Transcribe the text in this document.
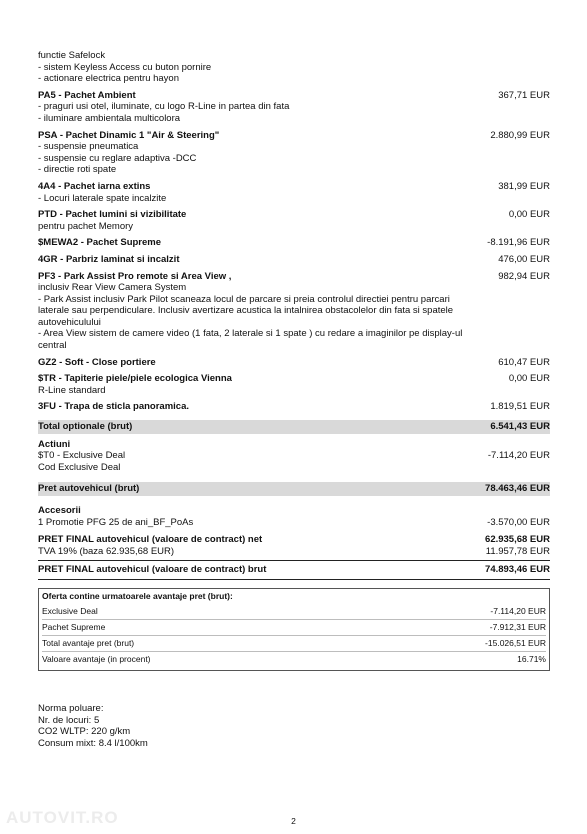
AUTOVIT.RO
functie Safelock
- sistem Keyless Access cu buton pornire
- actionare electrica pentru hayon
PA5 - Pachet Ambient	367,71 EUR
- praguri usi otel, iluminate, cu logo R-Line in partea din fata
- iluminare ambientala multicolora
PSA - Pachet Dinamic 1 "Air & Steering"	2.880,99 EUR
- suspensie pneumatica
- suspensie cu reglare adaptiva -DCC
- directie roti spate
4A4 - Pachet iarna extins	381,99 EUR
- Locuri laterale spate incalzite
PTD - Pachet lumini si vizibilitate	0,00 EUR
pentru pachet Memory
$MEWA2 - Pachet Supreme	-8.191,96 EUR
4GR - Parbriz laminat si incalzit	476,00 EUR
PF3 - Park Assist Pro remote si Area View ,	982,94 EUR
inclusiv Rear View Camera System
- Park Assist inclusiv Park Pilot scaneaza locul de parcare si preia controlul directiei pentru parcari laterale sau perpendiculare. Inclusiv avertizare acustica la intalnirea obstacolelor din fata si spatele autovehiculului
- Area View sistem de camere video (1 fata, 2 laterale si 1 spate ) cu redare a imaginilor pe display-ul central
GZ2 - Soft - Close portiere	610,47 EUR
$TR - Tapiterie piele/piele ecologica Vienna	0,00 EUR
R-Line standard
3FU - Trapa de sticla panoramica.	1.819,51 EUR
Total optionale (brut)	6.541,43 EUR
Actiuni
$T0 - Exclusive Deal	-7.114,20 EUR
Cod Exclusive Deal
Pret autovehicul (brut)	78.463,46 EUR
Accesorii
1 Promotie PFG 25 de ani_BF_PoAs	-3.570,00 EUR
PRET FINAL autovehicul (valoare de contract) net	62.935,68 EUR
TVA 19% (baza 62.935,68 EUR)	11.957,78 EUR
PRET FINAL autovehicul (valoare de contract) brut	74.893,46 EUR
Oferta contine urmatoarele avantaje pret (brut):
Exclusive Deal	-7.114,20 EUR
Pachet Supreme	-7.912,31 EUR
Total avantaje pret (brut)	-15.026,51 EUR
Valoare avantaje (in procent)	16.71%
Norma poluare:
Nr. de locuri: 5
CO2 WLTP: 220 g/km
Consum mixt: 8.4 l/100km
2
